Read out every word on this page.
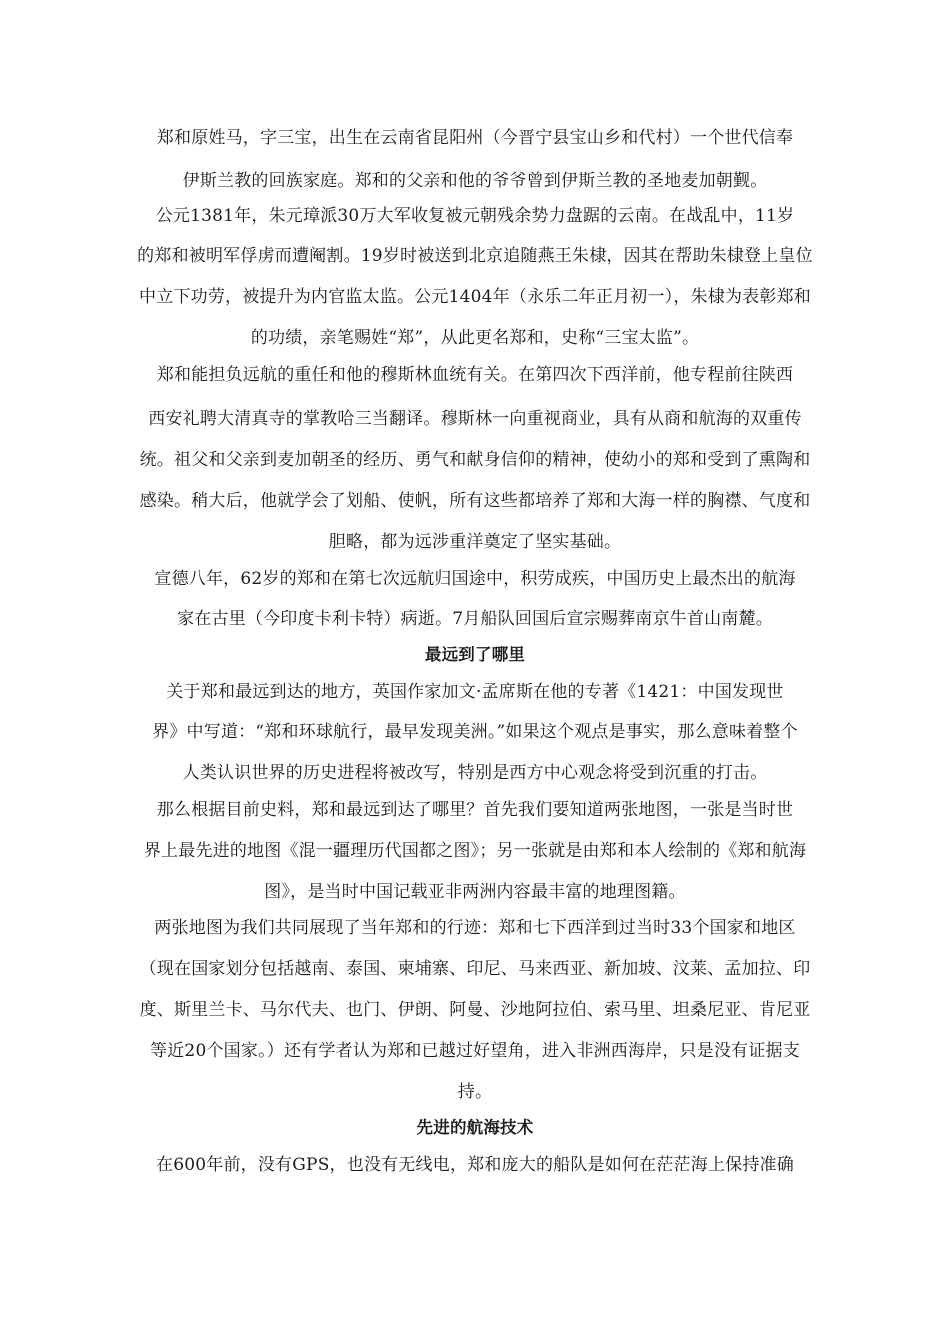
郑和原姓马，字三宝，出生在云南省昆阳州（今晋宁县宝山乡和代村）一个世代信奉
伊斯兰教的回族家庭。郑和的父亲和他的爷爷曾到伊斯兰教的圣地麦加朝觐。
公元1381年，朱元璋派30万大军收复被元朝残余势力盘踞的云南。在战乱中，11岁
的郑和被明军俘虏而遭阉割。19岁时被送到北京追随燕王朱棣，因其在帮助朱棣登上皇位
中立下功劳，被提升为内官监太监。公元1404年（永乐二年正月初一），朱棣为表彰郑和
的功绩，亲笔赐姓“郑”，从此更名郑和，史称“三宝太监”。
郑和能担负远航的重任和他的穆斯林血统有关。在第四次下西洋前，他专程前往陕西
西安礼聘大清真寺的掌教哈三当翻译。穆斯林一向重视商业，具有从商和航海的双重传
统。祖父和父亲到麦加朝圣的经历、勇气和献身信仰的精神，使幼小的郑和受到了熏陶和
感染。稍大后，他就学会了划船、使帆，所有这些都培养了郑和大海一样的胸襟、气度和
胆略，都为远涉重洋奠定了坚实基础。
宣德八年，62岁的郑和在第七次远航归国途中，积劳成疾，中国历史上最杰出的航海
家在古里（今印度卡利卡特）病逝。7月船队回国后宣宗赐葬南京牛首山南麓。
最远到了哪里
关于郑和最远到达的地方，英国作家加文·孟席斯在他的专著《1421：中国发现世
界》中写道：“郑和环球航行，最早发现美洲。”如果这个观点是事实，那么意味着整个
人类认识世界的历史进程将被改写，特别是西方中心观念将受到沉重的打击。
那么根据目前史料，郑和最远到达了哪里？首先我们要知道两张地图，一张是当时世
界上最先进的地图《混一疆理历代国都之图》；另一张就是由郑和本人绘制的《郑和航海
图》，是当时中国记载亚非两洲内容最丰富的地理图籍。
两张地图为我们共同展现了当年郑和的行迹：郑和七下西洋到过当时33个国家和地区
（现在国家划分包括越南、泰国、柬埔寨、印尼、马来西亚、新加坡、汶莱、孟加拉、印
度、斯里兰卡、马尔代夫、也门、伊朗、阿曼、沙地阿拉伯、索马里、坦桑尼亚、肯尼亚
等近20个国家。）还有学者认为郑和已越过好望角，进入非洲西海岸，只是没有证据支
持。
先进的航海技术
在600年前，没有GPS，也没有无线电，郑和庞大的船队是如何在茫茫海上保持准确
